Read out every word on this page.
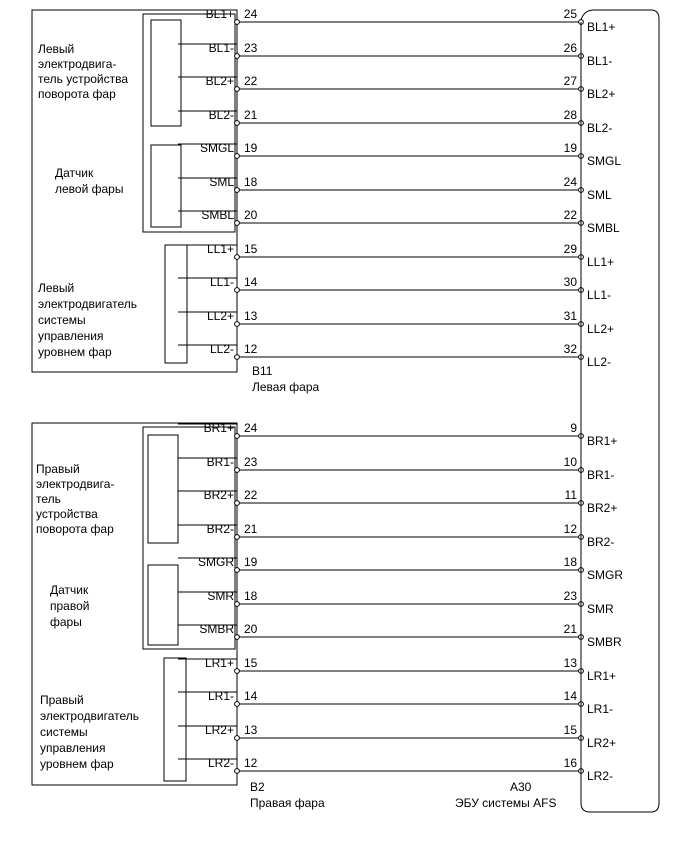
Левый электродвига- тель устройства поворота фар
Датчик левой фары
Левый электродвигатель системы управления уровнем фар
B11
Левая фара
BL1+ 24	25
BL1+
BL1- 23	26
BL1-
BL2+ 22	27
BL2+
BL2- 21	28
BL2-
SMGL 19	19
SMGL
SML 18	24
SML
SMBL 20	22
SMBL
LL1+ 15	29
LL1+
LL1- 14	30
LL1-
LL2+ 13	31
LL2+
LL2- 12	32
LL2-
Правый электродвига- тель устройства поворота фар
Датчик правой фары
Правый электродвигатель системы управления уровнем фар
B2
Правая фара
BR1+ 24	9
BR1+
BR1- 23	10
BR1-
BR2+ 22	11
BR2+
BR2- 21	12
BR2-
SMGR 19	18
SMGR
SMR 18	23
SMR
SMBR 20	21
SMBR
LR1+ 15	13
LR1+
LR1- 14	14
LR1-
LR2+ 13	15
LR2+
LR2- 12	16
LR2-
A30
ЭБУ системы AFS
